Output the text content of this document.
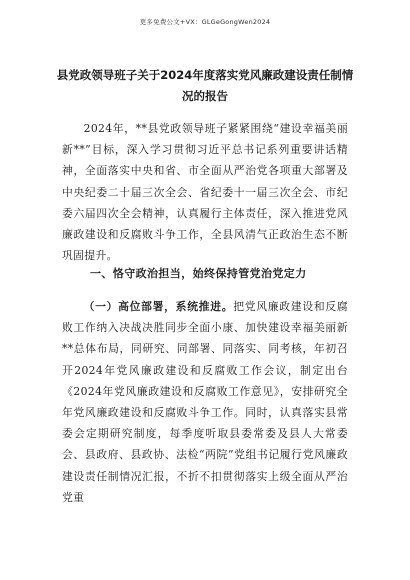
更多免费公文+VX：GLGeGongWen2024
县党政领导班子关于2024年度落实党风廉政建设责任制情况的报告
2024年，**县党政领导班子紧紧围绕“建设幸福美丽新**”目标，深入学习贯彻习近平总书记系列重要讲话精神，全面落实中央和省、市全面从严治党各项重大部署及中央纪委二十届三次全会、省纪委十一届三次全会、市纪委六届四次全会精神，认真履行主体责任，深入推进党风廉政建设和反腐败斗争工作，全县风清气正政治生态不断巩固提升。
一、恪守政治担当，始终保持管党治党定力
（一）高位部署，系统推进。把党风廉政建设和反腐败工作纳入决战决胜同步全面小康、加快建设幸福美丽新**总体布局，同研究、同部署、同落实、同考核，年初召开2024年党风廉政建设和反腐败工作会议，制定出台《2024年党风廉政建设和反腐败工作意见》，安排研究全年党风廉政建设和反腐败斗争工作。同时，认真落实县常委会定期研究制度，每季度听取县委常委及县人大常委会、县政府、县政协、法检“两院”党组书记履行党风廉政建设责任制情况汇报，不折不扣贯彻落实上级全面从严治党重
